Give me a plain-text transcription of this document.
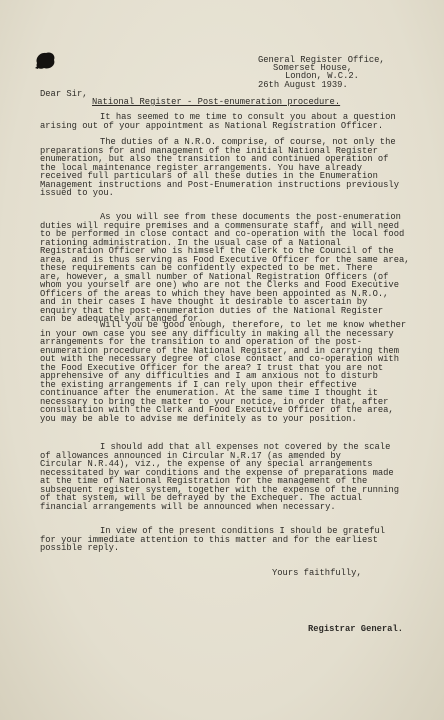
General Register Office,
Somerset House,
London, W.C.2.
26th August 1939.
Dear Sir,
National Register - Post-enumeration procedure.
It has seemed to me time to consult you about a question
arising out of your appointment as National Registration Officer.
The duties of a N.R.O. comprise, of course, not only the
preparations for and management of the initial National Register
enumeration, but also the transition to and continued operation of
the local maintenance register arrangements. You have already
received full particulars of all these duties in the Enumeration
Management instructions and Post-Enumeration instructions previously
issued to you.
As you will see from these documents the post-enumeration
duties will require premises and a commensurate staff, and will need
to be performed in close contact and co-operation with the local food
rationing administration. In the usual case of a National
Registration Officer who is himself the Clerk to the Council of the
area, and is thus serving as Food Executive Officer for the same area,
these requirements can be confidently expected to be met. There
are, however, a small number of National Registration Officers (of
whom you yourself are one) who are not the Clerks and Food Executive
Officers of the areas to which they have been appointed as N.R.O.,
and in their cases I have thought it desirable to ascertain by
enquiry that the post-enumeration duties of the National Register
can be adequately arranged for.
Will you be good enough, therefore, to let me know whether
in your own case you see any difficulty in making all the necessary
arrangements for the transition to and operation of the post-
enumeration procedure of the National Register, and in carrying them
out with the necessary degree of close contact and co-operation with
the Food Executive Officer for the area? I trust that you are not
apprehensive of any difficulties and I am anxious not to disturb
the existing arrangements if I can rely upon their effective
continuance after the enumeration. At the same time I thought it
necessary to bring the matter to your notice, in order that, after
consultation with the Clerk and Food Executive Officer of the area,
you may be able to advise me definitely as to your position.
I should add that all expenses not covered by the scale
of allowances announced in Circular N.R.17 (as amended by
Circular N.R.44), viz., the expense of any special arrangements
necessitated by war conditions and the expense of preparations made
at the time of National Registration for the management of the
subsequent register system, together with the expense of the running
of that system, will be defrayed by the Exchequer. The actual
financial arrangements will be announced when necessary.
In view of the present conditions I should be grateful
for your immediate attention to this matter and for the earliest
possible reply.
Yours faithfully,
Registrar General.
